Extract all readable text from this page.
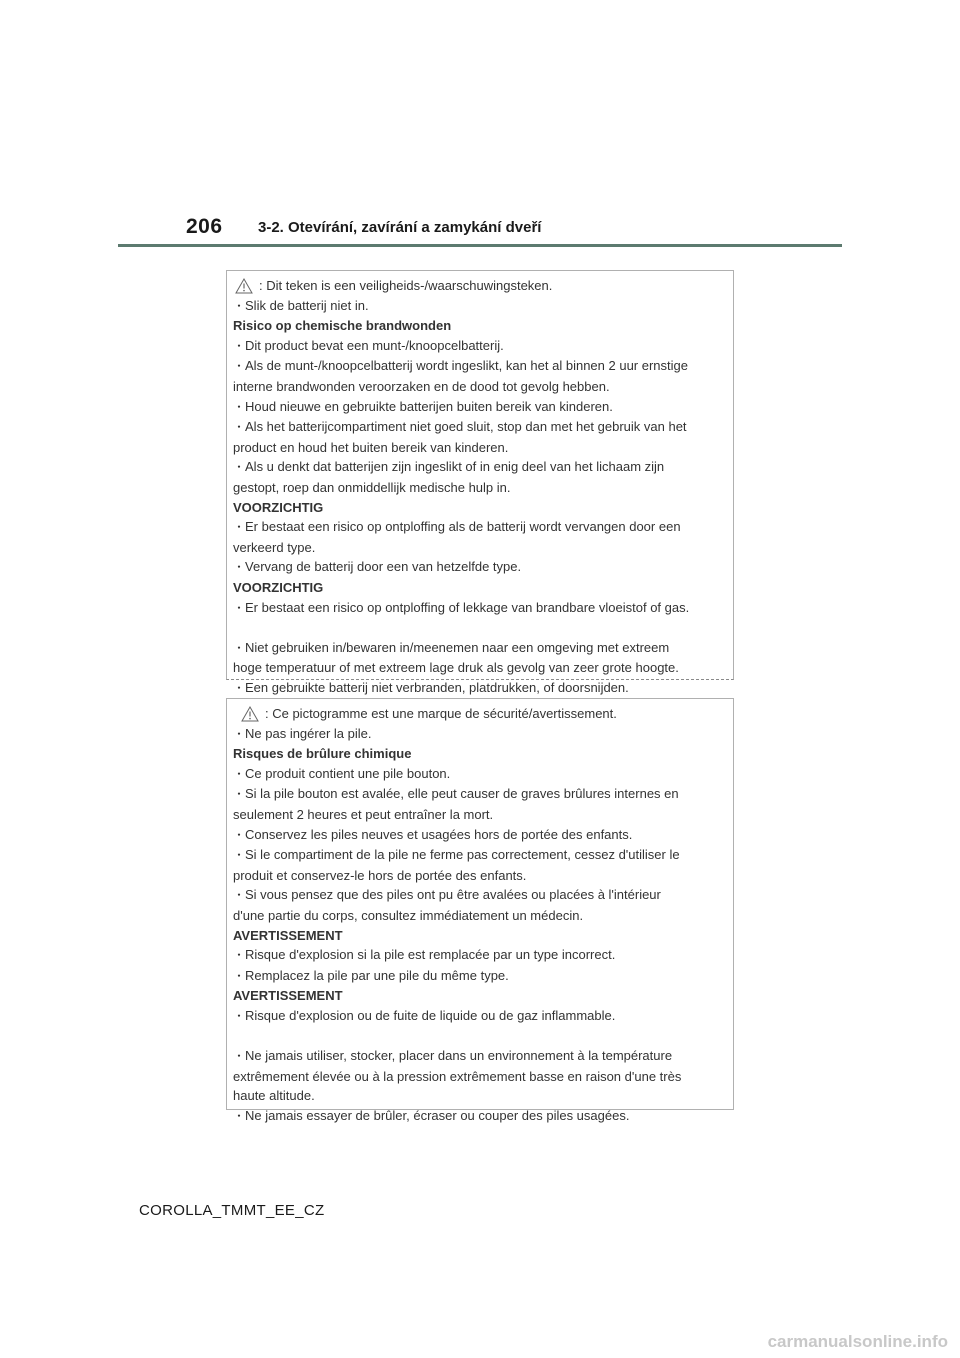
206 3-2. Otevírání, zavírání a zamykání dveří
: Dit teken is een veiligheids-/waarschuwingsteken.
・ Slik de batterij niet in.
Risico op chemische brandwonden
・ Dit product bevat een munt-/knoopcelbatterij.
・ Als de munt-/knoopcelbatterij wordt ingeslikt, kan het al binnen 2 uur ernstige
interne brandwonden veroorzaken en de dood tot gevolg hebben.
・ Houd nieuwe en gebruikte batterijen buiten bereik van kinderen.
・ Als het batterijcompartiment niet goed sluit, stop dan met het gebruik van het
product en houd het buiten bereik van kinderen.
・ Als u denkt dat batterijen zijn ingeslikt of in enig deel van het lichaam zijn
gestopt, roep dan onmiddellijk medische hulp in.
VOORZICHTIG
・ Er bestaat een risico op ontploffing als de batterij wordt vervangen door een
verkeerd type.
・ Vervang de batterij door een van hetzelfde type.
VOORZICHTIG
・ Er bestaat een risico op ontploffing of lekkage van brandbare vloeistof of gas.
・ Niet gebruiken in/bewaren in/meenemen naar een omgeving met extreem
hoge temperatuur of met extreem lage druk als gevolg van zeer grote hoogte.
・ Een gebruikte batterij niet verbranden, platdrukken, of doorsnijden.
: Ce pictogramme est une marque de sécurité/avertissement.
・ Ne pas ingérer la pile.
Risques de brûlure chimique
・ Ce produit contient une pile bouton.
・ Si la pile bouton est avalée, elle peut causer de graves brûlures internes en
seulement 2 heures et peut entraîner la mort.
・ Conservez les piles neuves et usagées hors de portée des enfants.
・ Si le compartiment de la pile ne ferme pas correctement, cessez d'utiliser le
produit et conservez-le hors de portée des enfants.
・ Si vous pensez que des piles ont pu être avalées ou placées à l'intérieur
d'une partie du corps, consultez immédiatement un médecin.
AVERTISSEMENT
・ Risque d'explosion si la pile est remplacée par un type incorrect.
・ Remplacez la pile par une pile du même type.
AVERTISSEMENT
・ Risque d'explosion ou de fuite de liquide ou de gaz inflammable.
・ Ne jamais utiliser, stocker, placer dans un environnement à la température
extrêmement élevée ou à la pression extrêmement basse en raison d'une très
haute altitude.
・ Ne jamais essayer de brûler, écraser ou couper des piles usagées.
COROLLA_TMMT_EE_CZ
carmanualsonline.info
